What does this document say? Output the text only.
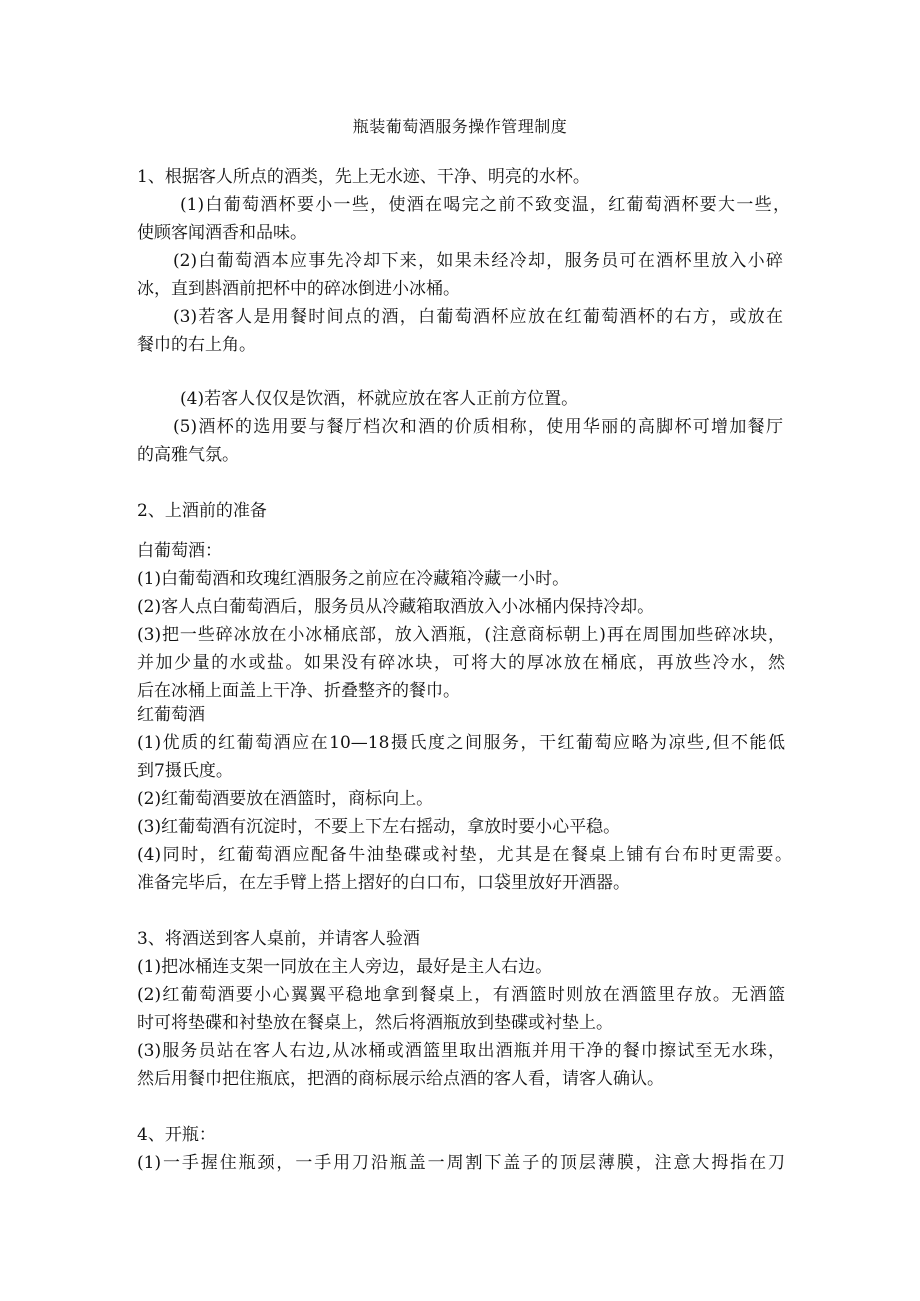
瓶装葡萄酒服务操作管理制度
1、根据客人所点的酒类，先上无水迹、干净、明亮的水杯。
(1)白葡萄酒杯要小一些，使酒在喝完之前不致变温，红葡萄酒杯要大一些，
使顾客闻酒香和品味。
(2)白葡萄酒本应事先冷却下来，如果未经冷却，服务员可在酒杯里放入小碎
冰，直到斟酒前把杯中的碎冰倒进小冰桶。
(3)若客人是用餐时间点的酒，白葡萄酒杯应放在红葡萄酒杯的右方，或放在
餐巾的右上角。
(4)若客人仅仅是饮酒，杯就应放在客人正前方位置。
(5)酒杯的选用要与餐厅档次和酒的价质相称，使用华丽的高脚杯可增加餐厅
的高雅气氛。
2、上酒前的准备
白葡萄酒：
(1)白葡萄酒和玫瑰红酒服务之前应在冷藏箱冷藏一小时。
(2)客人点白葡萄酒后，服务员从冷藏箱取酒放入小冰桶内保持冷却。
(3)把一些碎冰放在小冰桶底部，放入酒瓶，(注意商标朝上)再在周围加些碎冰块，
并加少量的水或盐。如果没有碎冰块，可将大的厚冰放在桶底，再放些冷水，然
后在冰桶上面盖上干净、折叠整齐的餐巾。
红葡萄酒
(1)优质的红葡萄酒应在10—18摄氏度之间服务，干红葡萄应略为凉些,但不能低
到7摄氏度。
(2)红葡萄酒要放在酒篮时，商标向上。
(3)红葡萄酒有沉淀时，不要上下左右摇动，拿放时要小心平稳。
(4)同时，红葡萄酒应配备牛油垫碟或衬垫，尤其是在餐桌上铺有台布时更需要。
准备完毕后，在左手臂上搭上摺好的白口布，口袋里放好开酒器。
3、将酒送到客人桌前，并请客人验酒
(1)把冰桶连支架一同放在主人旁边，最好是主人右边。
(2)红葡萄酒要小心翼翼平稳地拿到餐桌上，有酒篮时则放在酒篮里存放。无酒篮
时可将垫碟和衬垫放在餐桌上，然后将酒瓶放到垫碟或衬垫上。
(3)服务员站在客人右边,从冰桶或酒篮里取出酒瓶并用干净的餐巾擦试至无水珠，
然后用餐巾把住瓶底，把酒的商标展示给点酒的客人看，请客人确认。
4、开瓶：
(1)一手握住瓶颈，一手用刀沿瓶盖一周割下盖子的顶层薄膜，注意大拇指在刀
